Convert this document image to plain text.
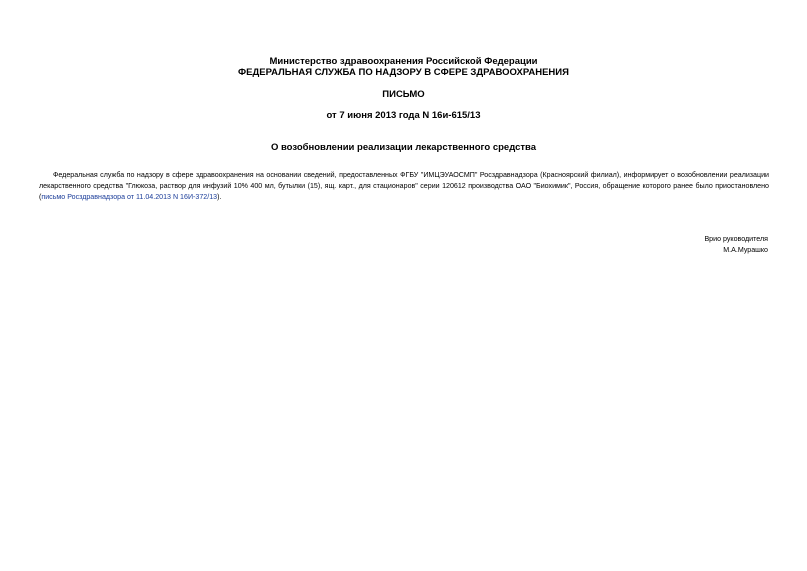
Министерство здравоохранения Российской Федерации
ФЕДЕРАЛЬНАЯ СЛУЖБА ПО НАДЗОРУ В СФЕРЕ ЗДРАВООХРАНЕНИЯ
ПИСЬМО
от 7 июня 2013 года N 16и-615/13
О возобновлении реализации лекарственного средства

Федеральная служба по надзору в сфере здравоохранения на основании сведений, предоставленных ФГБУ "ИМЦЭУАОСМП" Росздравнадзора (Красноярский филиал), информирует о возобновлении реализации лекарственного средства "Глюкоза, раствор для инфузий 10% 400 мл, бутылки (15), ящ. карт., для стационаров" серии 120612 производства ОАО "Биохимик", Россия, обращение которого ранее было приостановлено (письмо Росздравнадзора от 11.04.2013 N 16И-372/13).

Врио руководителя
М.А.Мурашко
